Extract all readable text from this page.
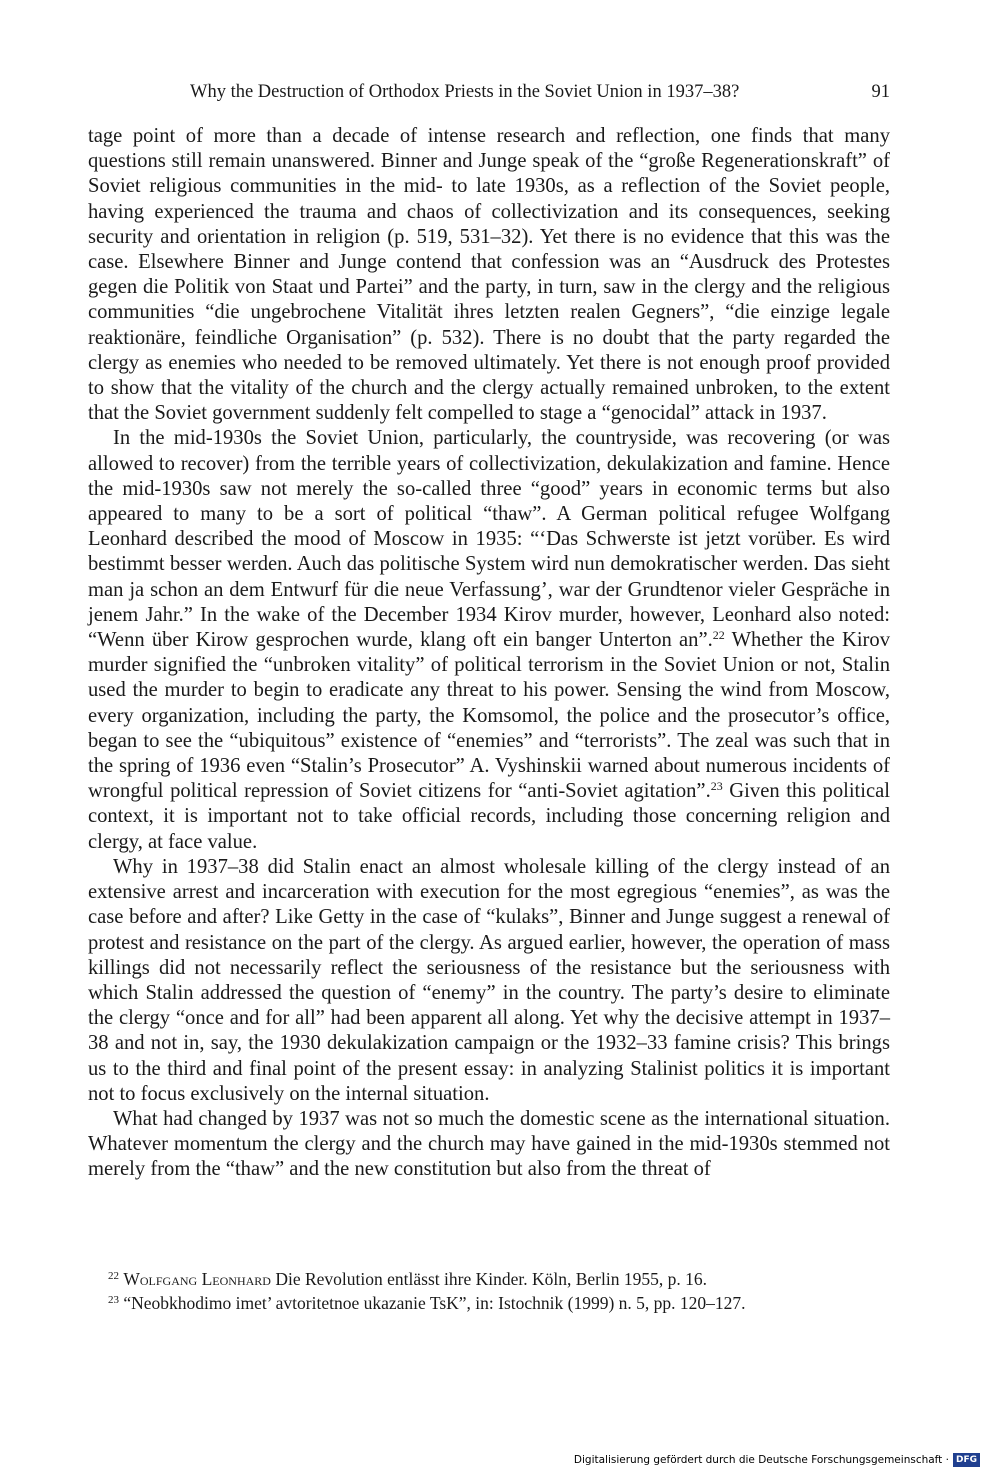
Why the Destruction of Orthodox Priests in the Soviet Union in 1937–38?	91

tage point of more than a decade of intense research and reflection, one finds that many questions still remain unanswered. Binner and Junge speak of the “große Regenerationskraft” of Soviet religious communities in the mid- to late 1930s, as a reflection of the Soviet people, having experienced the trauma and chaos of collectivization and its consequences, seeking security and orientation in religion (p. 519, 531–32). Yet there is no evidence that this was the case. Elsewhere Binner and Junge contend that confession was an “Ausdruck des Protestes gegen die Politik von Staat und Partei” and the party, in turn, saw in the clergy and the religious communities “die ungebrochene Vitalität ihres letzten realen Gegners”, “die einzige legale reaktionäre, feindliche Organisation” (p. 532). There is no doubt that the party regarded the clergy as enemies who needed to be removed ultimately. Yet there is not enough proof provided to show that the vitality of the church and the clergy actually remained unbroken, to the extent that the Soviet government suddenly felt compelled to stage a “genocidal” attack in 1937.

In the mid-1930s the Soviet Union, particularly, the countryside, was recovering (or was allowed to recover) from the terrible years of collectivization, dekulakization and famine. Hence the mid-1930s saw not merely the so-called three “good” years in economic terms but also appeared to many to be a sort of political “thaw”. A German political refugee Wolfgang Leonhard described the mood of Moscow in 1935: “‘Das Schwerste ist jetzt vorüber. Es wird bestimmt besser werden. Auch das politische System wird nun demokratischer werden. Das sieht man ja schon an dem Entwurf für die neue Verfassung’, war der Grundtenor vieler Gespräche in jenem Jahr.” In the wake of the December 1934 Kirov murder, however, Leonhard also noted: “Wenn über Kirow gesprochen wurde, klang oft ein banger Unterton an”.$^{22}$ Whether the Kirov murder signified the “unbroken vitality” of political terrorism in the Soviet Union or not, Stalin used the murder to begin to eradicate any threat to his power. Sensing the wind from Moscow, every organization, including the party, the Komsomol, the police and the prosecutor’s office, began to see the “ubiquitous” existence of “enemies” and “terrorists”. The zeal was such that in the spring of 1936 even “Stalin’s Prosecutor” A. Vyshinskii warned about numerous incidents of wrongful political repression of Soviet citizens for “anti-Soviet agitation”.$^{23}$ Given this political context, it is important not to take official records, including those concerning religion and clergy, at face value.

Why in 1937–38 did Stalin enact an almost wholesale killing of the clergy instead of an extensive arrest and incarceration with execution for the most egregious “enemies”, as was the case before and after? Like Getty in the case of “kulaks”, Binner and Junge suggest a renewal of protest and resistance on the part of the clergy. As argued earlier, however, the operation of mass killings did not necessarily reflect the seriousness of the resistance but the seriousness with which Stalin addressed the question of “enemy” in the country. The party’s desire to eliminate the clergy “once and for all” had been apparent all along. Yet why the decisive attempt in 1937–38 and not in, say, the 1930 dekulakization campaign or the 1932–33 famine crisis? This brings us to the third and final point of the present essay: in analyzing Stalinist politics it is important not to focus exclusively on the internal situation.

What had changed by 1937 was not so much the domestic scene as the international situation. Whatever momentum the clergy and the church may have gained in the mid-1930s stemmed not merely from the “thaw” and the new constitution but also from the threat of

$^{22}$ Wolfgang Leonhard Die Revolution entlässt ihre Kinder. Köln, Berlin 1955, p. 16.
$^{23}$ “Neobkhodimo imet’ avtoritetnoe ukazanie TsK”, in: Istochnik (1999) n. 5, pp. 120–127.
Digitalisierung gefördert durch die Deutsche Forschungsgemeinschaft · DFG
